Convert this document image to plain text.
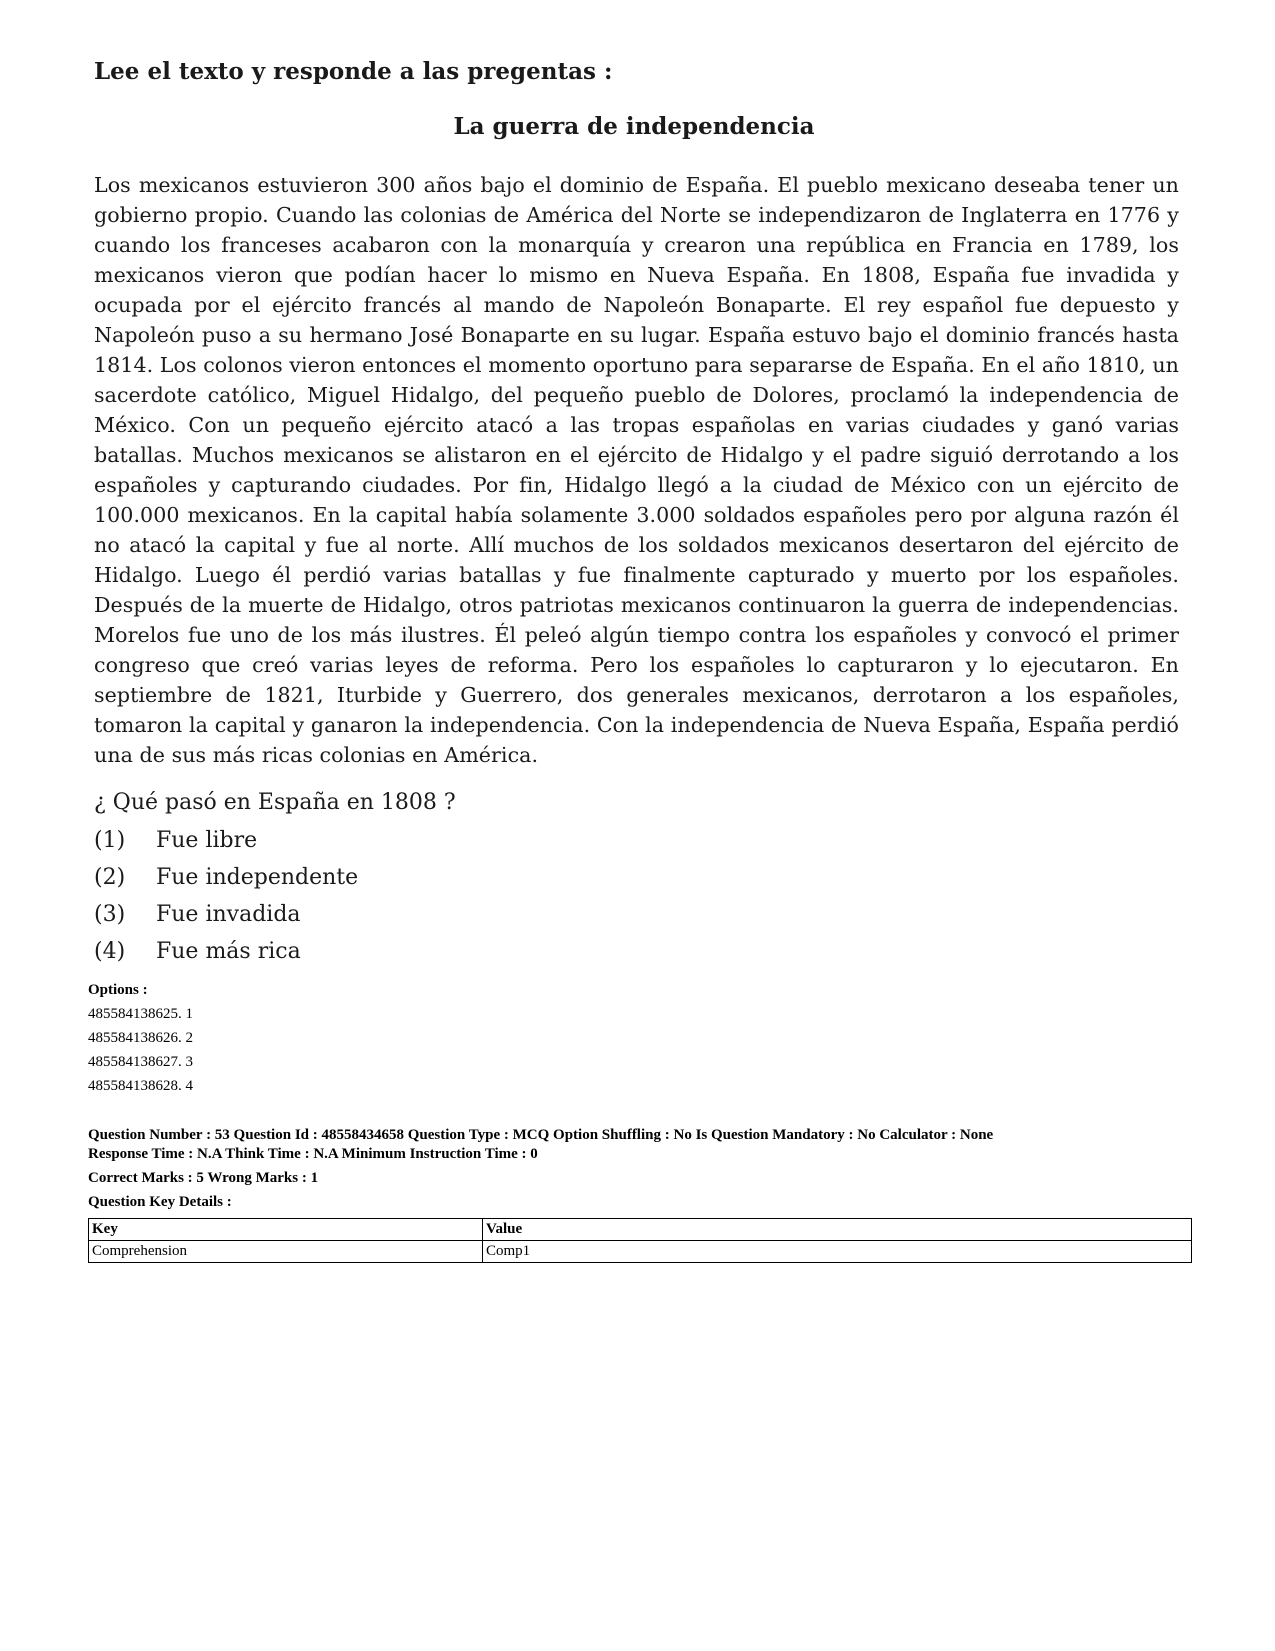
Lee el texto y responde a las pregentas :

La guerra de independencia

Los mexicanos estuvieron 300 años bajo el dominio de España. El pueblo mexicano deseaba tener un gobierno propio. Cuando las colonias de América del Norte se independizaron de Inglaterra en 1776 y cuando los franceses acabaron con la monarquía y crearon una república en Francia en 1789, los mexicanos vieron que podían hacer lo mismo en Nueva España. En 1808, España fue invadida y ocupada por el ejército francés al mando de Napoleón Bonaparte. El rey español fue depuesto y Napoleón puso a su hermano José Bonaparte en su lugar. España estuvo bajo el dominio francés hasta 1814. Los colonos vieron entonces el momento oportuno para separarse de España. En el año 1810, un sacerdote católico, Miguel Hidalgo, del pequeño pueblo de Dolores, proclamó la independencia de México. Con un pequeño ejército atacó a las tropas españolas en varias ciudades y ganó varias batallas. Muchos mexicanos se alistaron en el ejército de Hidalgo y el padre siguió derrotando a los españoles y capturando ciudades. Por fin, Hidalgo llegó a la ciudad de México con un ejército de 100.000 mexicanos. En la capital había solamente 3.000 soldados españoles pero por alguna razón él no atacó la capital y fue al norte. Allí muchos de los soldados mexicanos desertaron del ejército de Hidalgo. Luego él perdió varias batallas y fue finalmente capturado y muerto por los españoles. Después de la muerte de Hidalgo, otros patriotas mexicanos continuaron la guerra de independencias. Morelos fue uno de los más ilustres. Él peleó algún tiempo contra los españoles y convocó el primer congreso que creó varias leyes de reforma. Pero los españoles lo capturaron y lo ejecutaron. En septiembre de 1821, Iturbide y Guerrero, dos generales mexicanos, derrotaron a los españoles, tomaron la capital y ganaron la independencia. Con la independencia de Nueva España, España perdió una de sus más ricas colonias en América.

¿ Qué pasó en España en 1808 ?

(1) Fue libre
(2) Fue independente
(3) Fue invadida
(4) Fue más rica

Options :

485584138625. 1

485584138626. 2

485584138627. 3

485584138628. 4

Question Number : 53 Question Id : 48558434658 Question Type : MCQ Option Shuffling : No Is Question Mandatory : No Calculator : None

Response Time : N.A Think Time : N.A Minimum Instruction Time : 0

Correct Marks : 5 Wrong Marks : 1

Question Key Details :

Key	Value
Comprehension	Comp1
